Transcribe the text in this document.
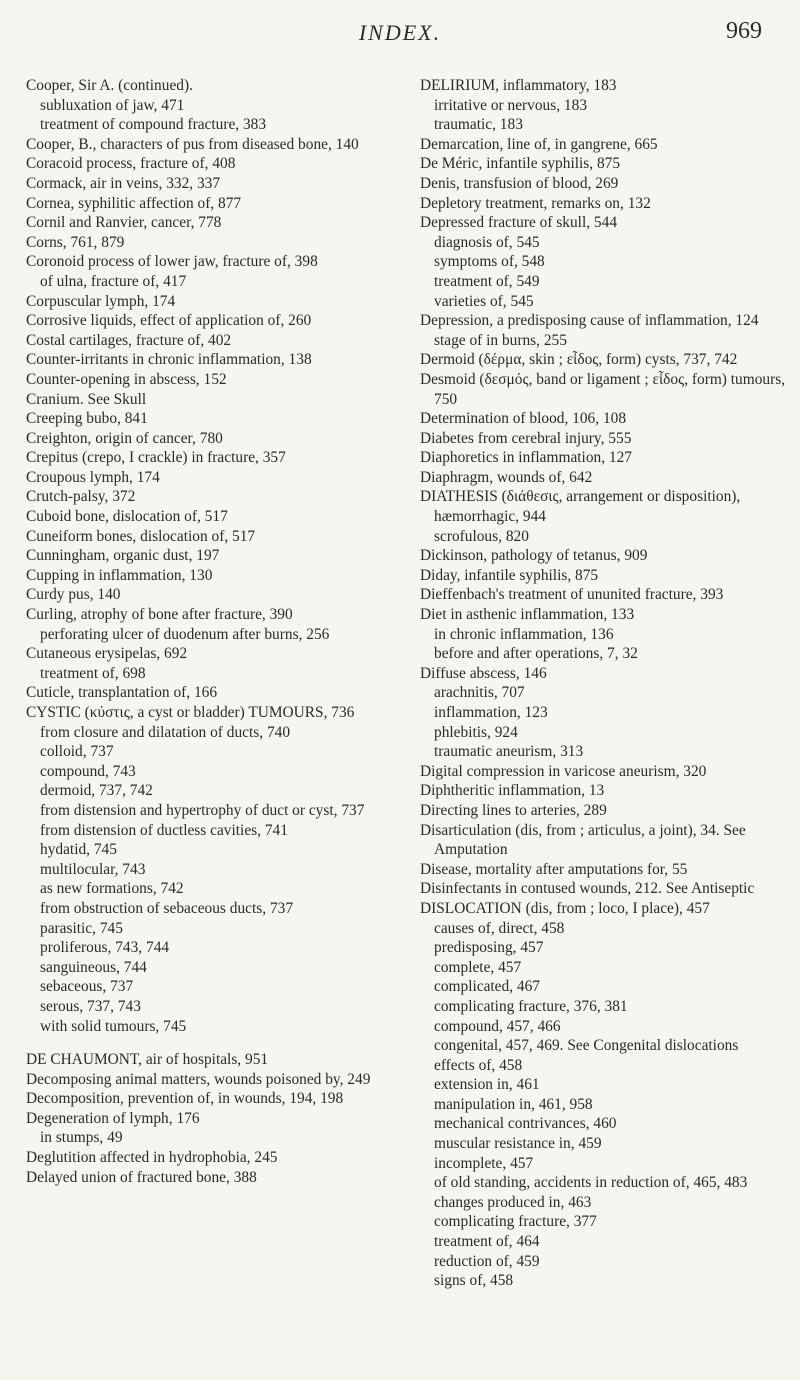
INDEX.	969
Cooper, Sir A. (continued).
subluxation of jaw, 471
treatment of compound fracture, 383
Cooper, B., characters of pus from diseased bone, 140
Coracoid process, fracture of, 408
Cormack, air in veins, 332, 337
Cornea, syphilitic affection of, 877
Cornil and Ranvier, cancer, 778
Corns, 761, 879
Coronoid process of lower jaw, fracture of, 398
of ulna, fracture of, 417
Corpuscular lymph, 174
Corrosive liquids, effect of application of, 260
Costal cartilages, fracture of, 402
Counter-irritants in chronic inflammation, 138
Counter-opening in abscess, 152
Cranium. See Skull
Creeping bubo, 841
Creighton, origin of cancer, 780
Crepitus (crepo, I crackle) in fracture, 357
Croupous lymph, 174
Crutch-palsy, 372
Cuboid bone, dislocation of, 517
Cuneiform bones, dislocation of, 517
Cunningham, organic dust, 197
Cupping in inflammation, 130
Curdy pus, 140
Curling, atrophy of bone after fracture, 390
perforating ulcer of duodenum after burns, 256
Cutaneous erysipelas, 692
treatment of, 698
Cuticle, transplantation of, 166
CYSTIC (κύστις, a cyst or bladder) TUMOURS, 736
from closure and dilatation of ducts, 740
colloid, 737
compound, 743
dermoid, 737, 742
from distension and hypertrophy of duct or cyst, 737
from distension of ductless cavities, 741
hydatid, 745
multilocular, 743
as new formations, 742
from obstruction of sebaceous ducts, 737
parasitic, 745
proliferous, 743, 744
sanguineous, 744
sebaceous, 737
serous, 737, 743
with solid tumours, 745
DE CHAUMONT, air of hospitals, 951
Decomposing animal matters, wounds poisoned by, 249
Decomposition, prevention of, in wounds, 194, 198
Degeneration of lymph, 176
in stumps, 49
Deglutition affected in hydrophobia, 245
Delayed union of fractured bone, 388
DELIRIUM, inflammatory, 183
irritative or nervous, 183
traumatic, 183
Demarcation, line of, in gangrene, 665
De Méric, infantile syphilis, 875
Denis, transfusion of blood, 269
Depletory treatment, remarks on, 132
Depressed fracture of skull, 544
diagnosis of, 545
symptoms of, 548
treatment of, 549
varieties of, 545
Depression, a predisposing cause of inflammation, 124
stage of in burns, 255
Dermoid (δέρμα, skin ; εἶδος, form) cysts, 737, 742
Desmoid (δεσμός, band or ligament ; εἶδος, form) tumours, 750
Determination of blood, 106, 108
Diabetes from cerebral injury, 555
Diaphoretics in inflammation, 127
Diaphragm, wounds of, 642
DIATHESIS (διάθεσις, arrangement or disposition), hæmorrhagic, 944
scrofulous, 820
Dickinson, pathology of tetanus, 909
Diday, infantile syphilis, 875
Dieffenbach's treatment of ununited fracture, 393
Diet in asthenic inflammation, 133
in chronic inflammation, 136
before and after operations, 7, 32
Diffuse abscess, 146
arachnitis, 707
inflammation, 123
phlebitis, 924
traumatic aneurism, 313
Digital compression in varicose aneurism, 320
Diphtheritic inflammation, 13
Directing lines to arteries, 289
Disarticulation (dis, from ; articulus, a joint), 34. See Amputation
Disease, mortality after amputations for, 55
Disinfectants in contused wounds, 212. See Antiseptic
DISLOCATION (dis, from ; loco, I place), 457
causes of, direct, 458
predisposing, 457
complete, 457
complicated, 467
complicating fracture, 376, 381
compound, 457, 466
congenital, 457, 469. See Congenital dislocations
effects of, 458
extension in, 461
manipulation in, 461, 958
mechanical contrivances, 460
muscular resistance in, 459
incomplete, 457
of old standing, accidents in reduction of, 465, 483
changes produced in, 463
complicating fracture, 377
treatment of, 464
reduction of, 459
signs of, 458
